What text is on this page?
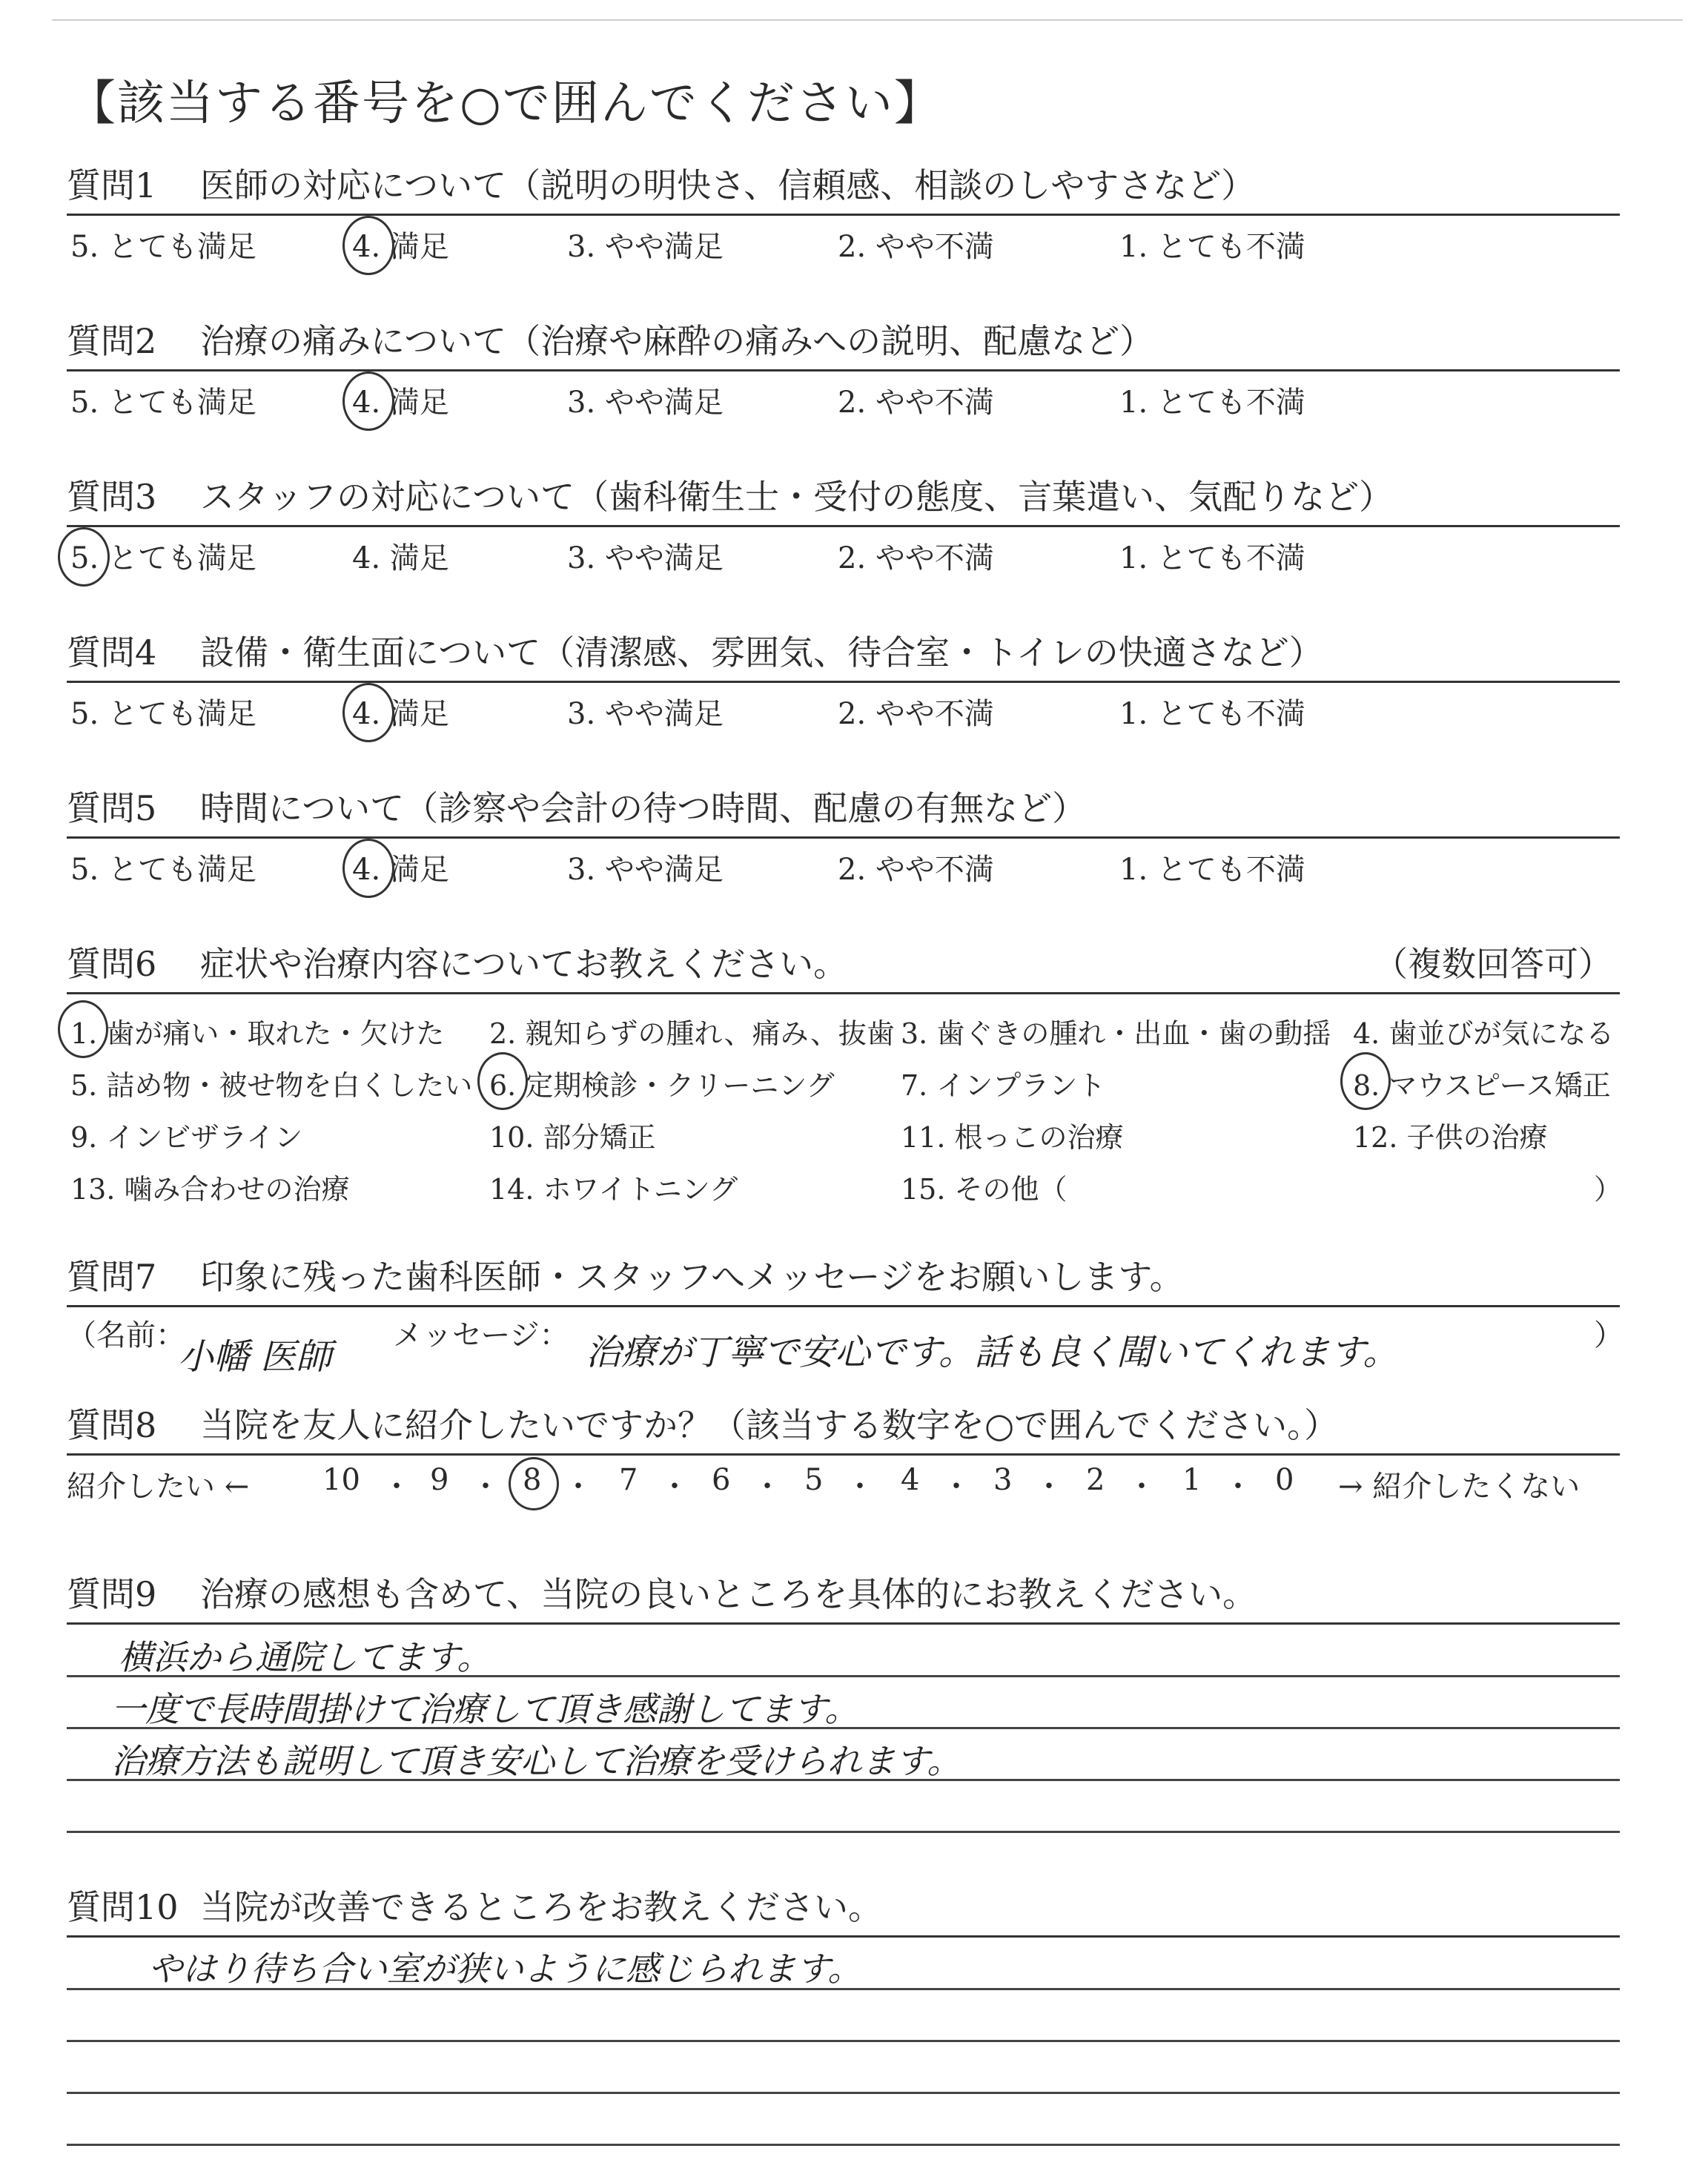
【該当する番号を○で囲んでください】
質問1 医師の対応について（説明の明快さ、信頼感、相談のしやすさなど）
5. とても満足	4. 満足	3. やや満足	2. やや不満	1. とても不満
質問2 治療の痛みについて（治療や麻酔の痛みへの説明、配慮など）
5. とても満足	4. 満足	3. やや満足	2. やや不満	1. とても不満
質問3 スタッフの対応について（歯科衛生士・受付の態度、言葉遣い、気配りなど）
5. とても満足	4. 満足	3. やや満足	2. やや不満	1. とても不満
質問4 設備・衛生面について（清潔感、雰囲気、待合室・トイレの快適さなど）
5. とても満足	4. 満足	3. やや満足	2. やや不満	1. とても不満
質問5 時間について（診察や会計の待つ時間、配慮の有無など）
5. とても満足	4. 満足	3. やや満足	2. やや不満	1. とても不満
質問6 症状や治療内容についてお教えください。	（複数回答可）
1. 歯が痛い・取れた・欠けた 2. 親知らずの腫れ、痛み、抜歯 3. 歯ぐきの腫れ・出血・歯の動揺 4. 歯並びが気になる
5. 詰め物・被せ物を白くしたい 6. 定期検診・クリーニング 7. インプラント	8. マウスピース矯正
9. インビザライン	10. 部分矯正	11. 根っこの治療	12. 子供の治療
13. 噛み合わせの治療	14. ホワイトニング	15. その他（	）
質問7 印象に残った歯科医師・スタッフへメッセージをお願いします。
（名前：
小幡 医師
メッセージ： 治療が丁寧で安心です。話も良く聞いてくれます。	）
質問8 当院を友人に紹介したいですか？（該当する数字を○で囲んでください。）
紹介したい ← 10 ・ 9 ・ 8 ・ 7 ・ 6 ・ 5 ・ 4 ・ 3 ・ 2 ・ 1 ・ 0 → 紹介したくない
質問9 治療の感想も含めて、当院の良いところを具体的にお教えください。
横浜から通院してます。
一度で長時間掛けて治療して頂き感謝してます。
治療方法も説明して頂き安心して治療を受けられます。
質問10 当院が改善できるところをお教えください。
やはり待ち合い室が狭いように感じられます。
